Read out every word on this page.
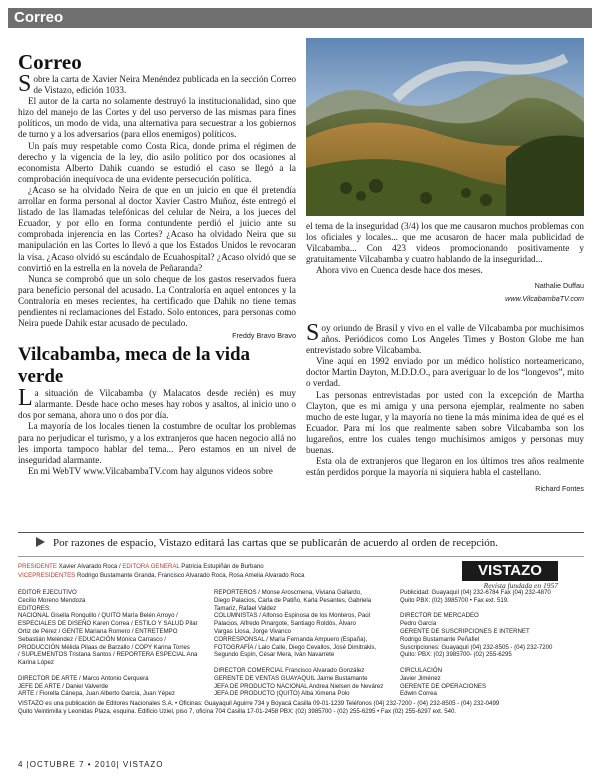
Correo
Correo
S obre la carta de Xavier Neira Menéndez publicada en la sección Correo de Vistazo, edición 1033.

El autor de la carta no solamente destruyó la institucionalidad, sino que hizo del manejo de las Cortes y del uso perverso de las mismas para fines políticos, un modo de vida, una alternativa para secuestrar a los gobiernos de turno y a los adversarios (para ellos enemigos) políticos.

Un país muy respetable como Costa Rica, donde prima el régimen de derecho y la vigencia de la ley, dio asilo político por dos ocasiones al economista Alberto Dahik cuando se estudió el caso se llegó a la comprobación inequívoca de una evidente persecución política.

¿Acaso se ha olvidado Neira de que en un juicio en que él pretendía arrollar en forma personal al doctor Xavier Castro Muñoz, éste entregó el listado de las llamadas telefónicas del celular de Neira, a los jueces del Ecuador, y por ello en forma contundente perdió el juicio ante su comprobada injerencia en las Cortes? ¿Acaso ha olvidado Neira que su manipulación en las Cortes lo llevó a que los Estados Unidos le revocaran la visa. ¿Acaso olvidó su escándalo de Ecuahospital? ¿Acaso olvidó que se convirtió en la estrella en la novela de Peñaranda?

Nunca se comprobó que un solo cheque de los gastos reservados fuera para beneficio personal del acusado. La Contraloría en aquel entonces y la Contraloría en meses recientes, ha certificado que Dahik no tiene temas pendientes ni reclamaciones del Estado. Solo entonces, para personas como Neira puede Dahik estar acusado de peculado.

Freddy Bravo Bravo
Vilcabamba, meca de la vida verde
L a situación de Vilcabamba (y Malacatos desde recién) es muy alarmante. Desde hace ocho meses hay robos y asaltos, al inicio uno o dos por semana, ahora uno o dos por día.

La mayoría de los locales tienen la costumbre de ocultar los problemas para no perjudicar el turismo, y a los extranjeros que hacen negocio allá no les importa tampoco hablar del tema... Pero estamos en un nivel de inseguridad alarmante.

En mi WebTV www.VilcabambaTV.com hay algunos videos sobre

el tema de la inseguridad (3/4) los que me causaron muchos problemas con los oficiales y locales... que me acusaron de hacer mala publicidad de Vilcabamba... Con 423 videos promocionando positivamente y gratuitamente Vilcabamba y cuatro hablando de la inseguridad...

Ahora vivo en Cuenca desde hace dos meses.

Nathalie Duffau
www.VilcabambaTV.com
S oy oriundo de Brasil y vivo en el valle de Vilcabamba por muchísimos años. Periódicos como Los Angeles Times y Boston Globe me han entrevistado sobre Vilcabamba.

Vine aquí en 1992 enviado por un médico holístico norteamericano, doctor Martin Dayton, M.D.D.O., para averiguar lo de los “longevos”, mito o verdad.

Las personas entrevistadas por usted con la excepción de Martha Clayton, que es mi amiga y una persona ejemplar, realmente no saben mucho de este lugar, y la mayoría no tiene la más mínima idea de qué es el Ecuador. Para mí los que realmente saben sobre Vilcabamba son los lugareños, entre los cuales tengo muchísimos amigos y personas muy buenas.

Esta ola de extranjeros que llegaron en los últimos tres años realmente están perdidos porque la mayoría ni siquiera habla el castellano.

Richard Fontes
Por razones de espacio, Vistazo editará las cartas que se publicarán de acuerdo al orden de recepción.
PRESIDENTE Xavier Alvarado Roca / EDITORA GENERAL Patricia Estupiñán de Burbano
VICEPRESIDENTES Rodrigo Bustamante Granda, Francisco Alvarado Roca, Rosa Amelia Alvarado Roca	VISTAZO
Revista fundada en 1957
EDITOR EJECUTIVO
Cecilio Moreno Mendoza
EDITORES:
NACIONAL Gisella Ronquillo / QUITO María Belén Arroyo /
ESPECIALES DE DISEÑO Karen Correa / ESTILO Y SALUD Pilar
Ortiz de Pérez / GENTE Mariana Romero / ENTRETEMPO
Sebastián Meléndez / EDUCACIÓN Mónica Carrasco /
PRODUCCIÓN Mélida Pilaas de Barzallo / COPY Karina Torres
/ SUPLEMENTOS Tristana Santos / REPORTERA ESPECIAL Ana
Karina López

DIRECTOR DE ARTE / Marco Antonio Cerquera
JEFE DE ARTE / Daniel Valverde
ARTE / Fiorella Cánepa, Juan Alberto García, Juan Yépez
REPORTEROS / Monse Aroscmena, Viviana Gallardo,
Diego Palacios, Carla de Patiño, Karla Pesantes, Gabriela
Tamariz, Rafael Valdez
COLUMNISTAS / Alfonso Espinosa de los Monteros, Paúl
Palacios, Alfredo Pinargote, Santiago Roldós, Álvaro
Vargas Llosa, Jorge Vivanco
CORRESPONSAL / María Fernanda Ampuero (España),
FOTOGRAFÍA / Lalo Calle, Diego Cevallos, José Dimitrakis,
Segundo Espín, César Mera, Iván Navarrete

DIRECTOR COMERCIAL Francisco Alvarado González
GERENTE DE VENTAS GUAYAQUIL Jaime Bustamante
JEFA DE PRODUCTO NACIONAL Andrea Nielsen de Nevárez
JEFA DE PRODUCTO (QUITO) Alba Ximena Polo
Publicidad: Guayaquil (04) 232-6784 Fax (04) 232-4870
Quito PBX: (02) 3985700 • Fax ext. 519.

DIRECTOR DE MERCADEO
Pedro García
GERENTE DE SUSCRIPCIONES E INTERNET
Rodrigo Bustamante Peñafiel
Suscripciones: Guayaquil (04) 232-8505 - (04) 232-7200
Quito: PBX: (02) 3985700- (02) 255-6295

CIRCULACIÓN
Javier Jiménez
GERENTE DE OPERACIONES
Edwin Correa
VISTAZO es una publicación de Editores Nacionales S.A. • Oficinas: Guayaquil Aguirre 734 y Boyacá Casilla 09-01-1239 Teléfonos (04) 232-7200 - (04) 232-8505 - (04) 232-0499
Quito Veintimilla y Leonidas Plaza, esquina. Edificio Uziel, piso 7, oficina 704 Casilla 17-01-2458 PBX: (02) 3985700 - (02) 255-6295 • Fax (02) 255-6297 ext. 540.
4 |OCTUBRE 7 • 2010| VISTAZO
